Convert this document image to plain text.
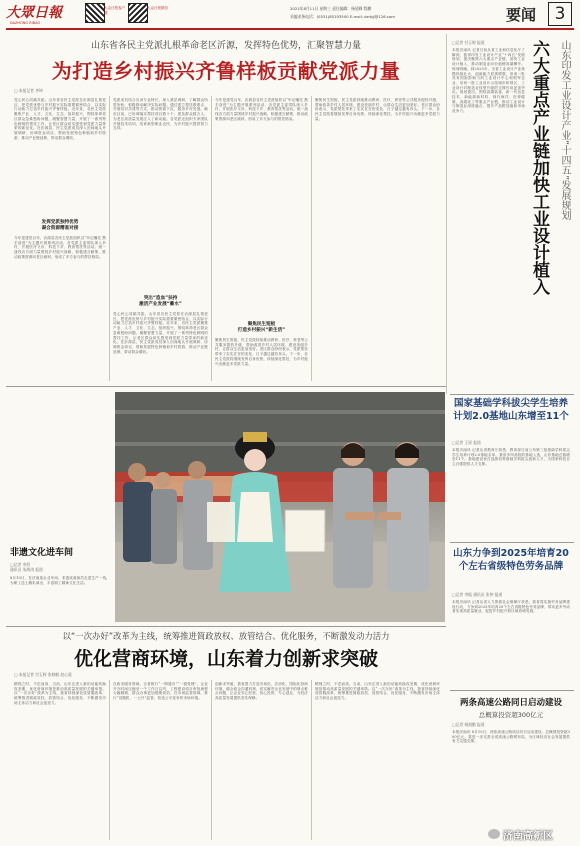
大眾日報
DAZHONG RIBAO
大众日报客户端
大众日报微信	2021年8月11日 星期三 责任编辑：杨延峰 程鹏
采编业务电话：(0531)85193500 E-mail: dzrbjj@126.com	要闻	3
山东省各民主党派扎根革命老区沂源，发挥特色优势，汇聚智慧力量
为打造乡村振兴齐鲁样板贡献党派力量
□ 本报记者 齐坤
党心民心同频共振。山东省各民主党派在沂源县扎根老区，把党派优势与乡村振兴实际需要紧密结合，以实际行动助力打造乡村振兴齐鲁样板。近年来，各民主党派聚焦产业、人才、文化、生态、组织振兴，围绕革命老区群众急难愁盼问题，凝聚智慧力量，开展了一系列特色鲜明的帮扶工作，让老区群众切实感受到党派力量带来的新变化。在沂源县，民主党派成员深入田间地头开展调研，协调资金项目，帮助发展特色种植和乡村旅游，推动产业链延伸，带动群众增收。
发挥党派独特优势
凝合资源精准对接
今年是建党百年，沂源县各民主党派组织以“牢记嘱托 携手奋进”为主题开展系列活动，各党派主委带队深入乡村，开展医疗义诊、科技下乡、教育帮扶等活动。统一战线各方面力量围绕乡村振兴战略，积极建言献策，推动政策资源向老区倾斜，形成了多方参与的帮扶格局。
党派成员结合自身专业特长，深入基层调研，了解群众所思所盼，积极推动解决实际问题。通过建立帮扶联系点、开展结对共建等方式，推动资源下沉，服务乡村发展。截至目前，已协调落实帮扶项目数十个，惠及群众数万人，为老区高质量发展注入了新动能。各党派还组织专家团队开展技术培训，培育新型职业农民，为乡村振兴提供智力支持。
突出“造血”扶持
激活产业发展“蓄水”
党心民心同频共振。山东省各民主党派在沂源县扎根老区，把党派优势与乡村振兴实际需要紧密结合，以实际行动助力打造乡村振兴齐鲁样板。近年来，各民主党派聚焦产业、人才、文化、生态、组织振兴，围绕革命老区群众急难愁盼问题，凝聚智慧力量，开展了一系列特色鲜明的帮扶工作，让老区群众切实感受到党派力量带来的新变化。在沂源县，民主党派成员深入田间地头开展调研，协调资金项目，帮助发展特色种植和乡村旅游，推动产业链延伸，带动群众增收。
今年是建党百年，沂源县各民主党派组织以“牢记嘱托 携手奋进”为主题开展系列活动，各党派主委带队深入乡村，开展医疗义诊、科技下乡、教育帮扶等活动。统一战线各方面力量围绕乡村振兴战略，积极建言献策，推动政策资源向老区倾斜，形成了多方参与的帮扶格局。
聚焦民生短板
打造乡村振兴“新生活”
聚焦民生短板，民主党派持续推动教育、医疗、养老等公共服务提档升级，帮助改善乡村人居环境，建设美丽乡村，让群众生活更加美好。老区群众纷纷表示，党派帮扶带来了实实在在的变化，日子越过越有奔头。下一步，各民主党派将继续发挥自身优势，持续深化帮扶，为乡村振兴贡献更多党派力量。
聚焦民生短板，民主党派持续推动教育、医疗、养老等公共服务提档升级，帮助改善乡村人居环境，建设美丽乡村，让群众生活更加美好。老区群众纷纷表示，党派帮扶带来了实实在在的变化，日子越过越有奔头。下一步，各民主党派将继续发挥自身优势，持续深化帮扶，为乡村振兴贡献更多党派力量。
□记者 付玉婷 报道
本报济南讯 记者日前从省工业和信息化厅了解到，我省印发工业设计产业“十四五”发展规划，提出聚焦六大重点产业链，加快工业设计植入，推动制造业向价值链高端攀升。规划明确，到2025年，全省工业设计产业规模持续壮大，创新能力显著增强，形成一批具有国际影响力的工业设计中心和领军企业，培育一批工业设计示范城市和园区，工业设计对制造业转型升级的支撑作用更加突出。规划提出，围绕高端装备、新一代信息技术、新能源新材料、现代海洋、医养健康、高端化工等重点产业链，推动工业设计与制造业深度融合，提升产品附加值和市场竞争力。	六大重点产业链加快工业设计植入	山东印发工业设计产业“十四五”发展规划
国家基础学科拔尖学生培养计划2.0基地山东增至11个
□记者 王原 报道
本报济南讯 记者从省教育厅获悉，教育部日前公布第三批基础学科拔尖学生培养计划2.0基地名单，我省多所高校的基地入选，山东基地总数增至11个。基地建设旨在选拔培养基础学科拔尖创新人才，为国家科技自立自强提供人才支撑。
山东力争到2025年培育20个左右省级特色劳务品牌
□记者 李振 通讯员 张仲 报道
本报济南讯 记者从省人力资源社会保障厅获悉，我省将实施劳务品牌建设行动，力争到2025年培育20个左右省级特色劳务品牌，带动更多劳动者实现高质量就业，促进乡村振兴和区域协调发展。
两条高速公路同日启动建设
总概算投资超300亿元
□记者 杨润勤 报道
本报济南讯 8月10日，两条高速公路项目同日启动建设，总概算投资超300亿元，将进一步完善全省高速公路网布局，为区域经济社会发展提供有力交通支撑。
非遗文化进车间
□记者 李剑
通讯员 朱海涛 报道
8月10日，在济南某企业车间，非遗戏曲演员走进生产一线，为职工送上精彩演出，丰富职工精神文化生活。
以“一次办好”改革为主线，统筹推进简政放权、放管结合、优化服务，不断激发动力活力
优化营商环境，山东着力创新求突破
□ 本报记者 付玉婷 张晓帆 赵心晨
精细之时，不虑而高，当前，山东正进入新旧动能转换攻坚期，优化营商环境是推动高质量发展的关键举措。以“一次办好”改革为主线，我省持续深化放管服改革，统筹推进简政放权、放管结合、优化服务，不断激发市场主体活力和社会创造力。
在政务服务领域，全省推行“一网通办”“一窗受理”，企业开办时间压缩至一个工作日以内，工程建设项目审批流程大幅精简，群众办事更加便捷高效。在市场监管领域，推行“双随机、一公开”监管，营造公平竞争的市场环境。
创新求突破，我省着力打造市场化、法治化、国际化营商环境，健全政企沟通机制，切实解决企业发展中的堵点难点问题，让企业安心经营、放心投资、专心创业，为经济高质量发展提供坚实保障。
精细之时，不虑而高，当前，山东正进入新旧动能转换攻坚期，优化营商环境是推动高质量发展的关键举措。以“一次办好”改革为主线，我省持续深化放管服改革，统筹推进简政放权、放管结合、优化服务，不断激发市场主体活力和社会创造力。
济南高新区
